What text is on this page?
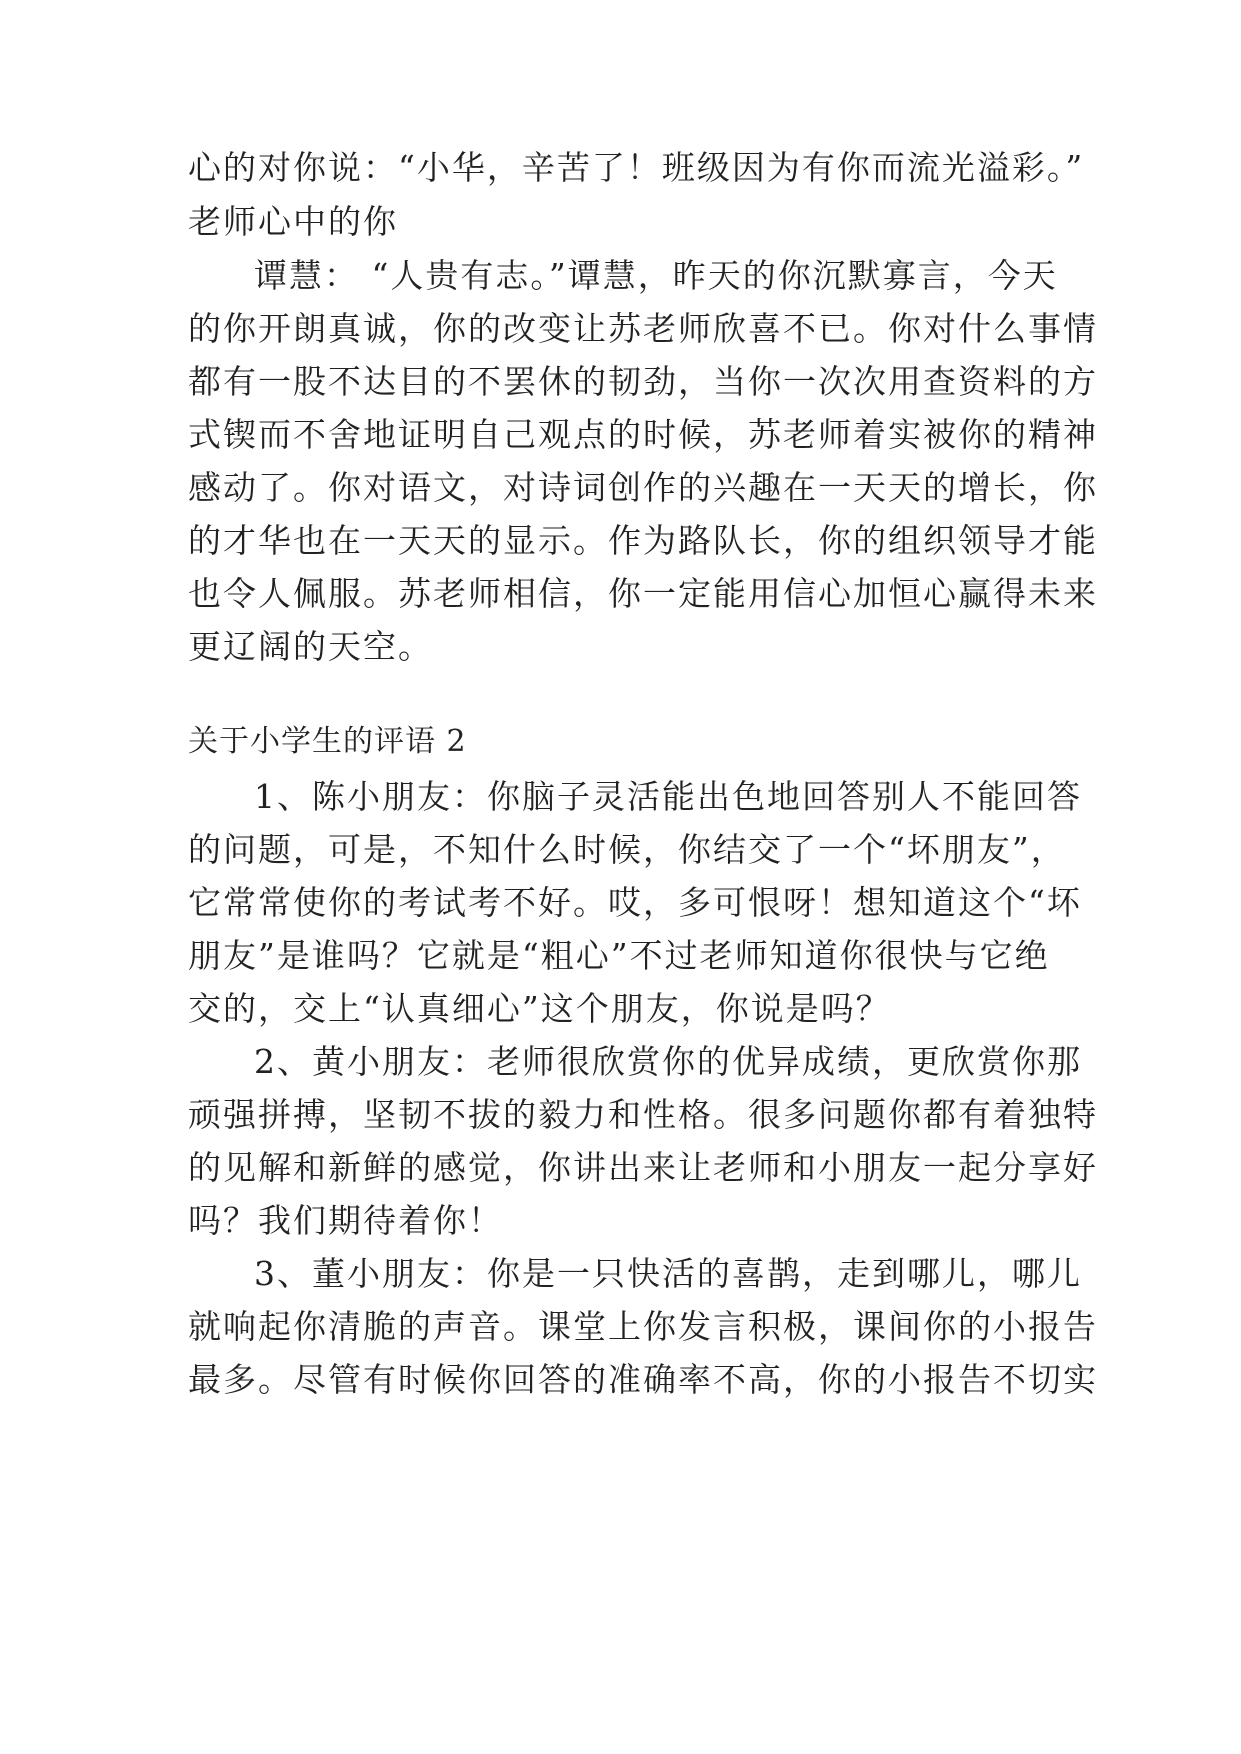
心的对你说：“小华，辛苦了！班级因为有你而流光溢彩。”
老师心中的你
谭慧： “人贵有志。”谭慧，昨天的你沉默寡言，今天
的你开朗真诚，你的改变让苏老师欣喜不已。你对什么事情
都有一股不达目的不罢休的韧劲，当你一次次用查资料的方
式锲而不舍地证明自己观点的时候，苏老师着实被你的精神
感动了。你对语文，对诗词创作的兴趣在一天天的增长，你
的才华也在一天天的显示。作为路队长，你的组织领导才能
也令人佩服。苏老师相信，你一定能用信心加恒心赢得未来
更辽阔的天空。
关于小学生的评语 2
1、陈小朋友：你脑子灵活能出色地回答别人不能回答
的问题，可是，不知什么时候，你结交了一个“坏朋友”，
它常常使你的考试考不好。哎，多可恨呀！想知道这个“坏
朋友”是谁吗？它就是“粗心”不过老师知道你很快与它绝
交的，交上“认真细心”这个朋友，你说是吗？
2、黄小朋友：老师很欣赏你的优异成绩，更欣赏你那
顽强拼搏，坚韧不拔的毅力和性格。很多问题你都有着独特
的见解和新鲜的感觉，你讲出来让老师和小朋友一起分享好
吗？我们期待着你！
3、董小朋友：你是一只快活的喜鹊，走到哪儿，哪儿
就响起你清脆的声音。课堂上你发言积极，课间你的小报告
最多。尽管有时候你回答的准确率不高，你的小报告不切实
